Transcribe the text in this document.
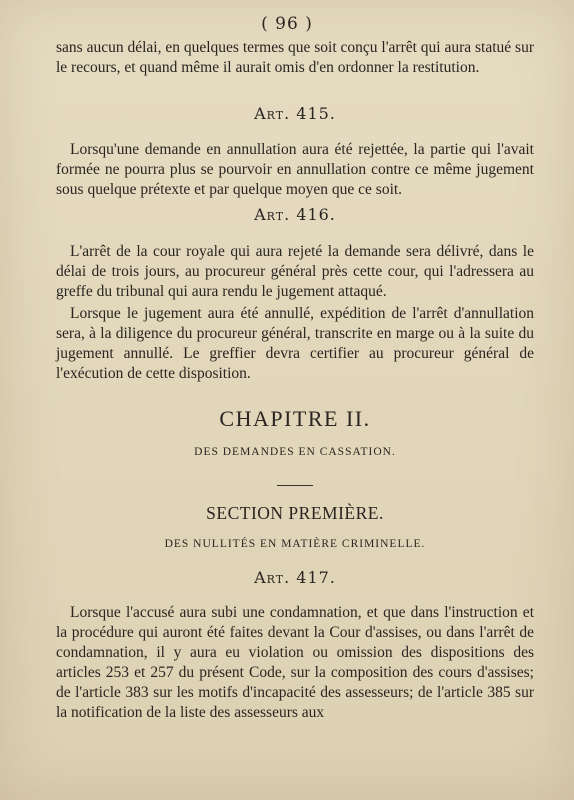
( 96 )

sans aucun délai, en quelques termes que soit conçu l'arrêt qui aura statué sur le recours, et quand même il aurait omis d'en ordonner la restitution.

Art. 415.

Lorsqu'une demande en annullation aura été rejettée, la partie qui l'avait formée ne pourra plus se pourvoir en annullation contre ce même jugement sous quelque prétexte et par quelque moyen que ce soit.

Art. 416.

L'arrêt de la cour royale qui aura rejeté la demande sera délivré, dans le délai de trois jours, au procureur général près cette cour, qui l'adressera au greffe du tribunal qui aura rendu le jugement attaqué.

Lorsque le jugement aura été annullé, expédition de l'arrêt d'annullation sera, à la diligence du procureur général, transcrite en marge ou à la suite du jugement annullé. Le greffier devra certifier au procureur général de l'exécution de cette disposition.

CHAPITRE II.
DES DEMANDES EN CASSATION.
SECTION PREMIÈRE.
DES NULLITÉS EN MATIÈRE CRIMINELLE.
Art. 417.

Lorsque l'accusé aura subi une condamnation, et que dans l'instruction et la procédure qui auront été faites devant la Cour d'assises, ou dans l'arrêt de condamnation, il y aura eu violation ou omission des dispositions des articles 253 et 257 du présent Code, sur la composition des cours d'assises; de l'article 383 sur les motifs d'incapacité des assesseurs; de l'article 385 sur la notification de la liste des assesseurs aux
